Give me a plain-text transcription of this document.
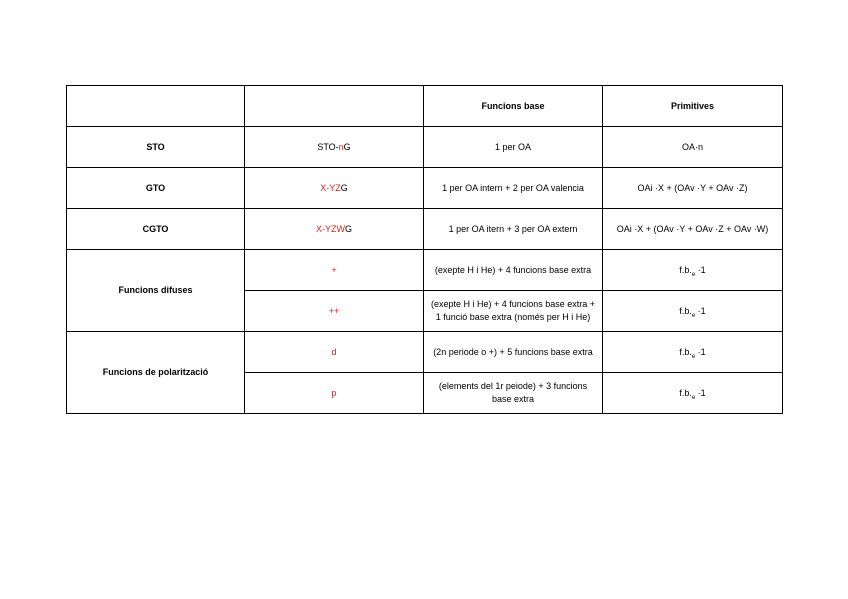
		Funcions base	Primitives
STO	STO-nG	1 per OA	OA·n
GTO	X-YZG	1 per OA intern + 2 per OA valencia	OAi ·X + (OAv ·Y + OAv ·Z)
CGTO	X-YZWG	1 per OA itern + 3 per OA extern	OAi ·X + (OAv ·Y + OAv ·Z + OAv ·W)
Funcions difuses	+	(exepte H i He) + 4 funcions base extra	$f.b._e \cdot 1$
	++	(exepte H i He) + 4 funcions base extra + 1 funció base extra (només per H i He)	$f.b._e \cdot 1$
Funcions de polarització	d	(2n periode o +) + 5 funcions base extra	$f.b._e \cdot 1$
	p	(elements del 1r peiode) + 3 funcions base extra	$f.b._e \cdot 1$
